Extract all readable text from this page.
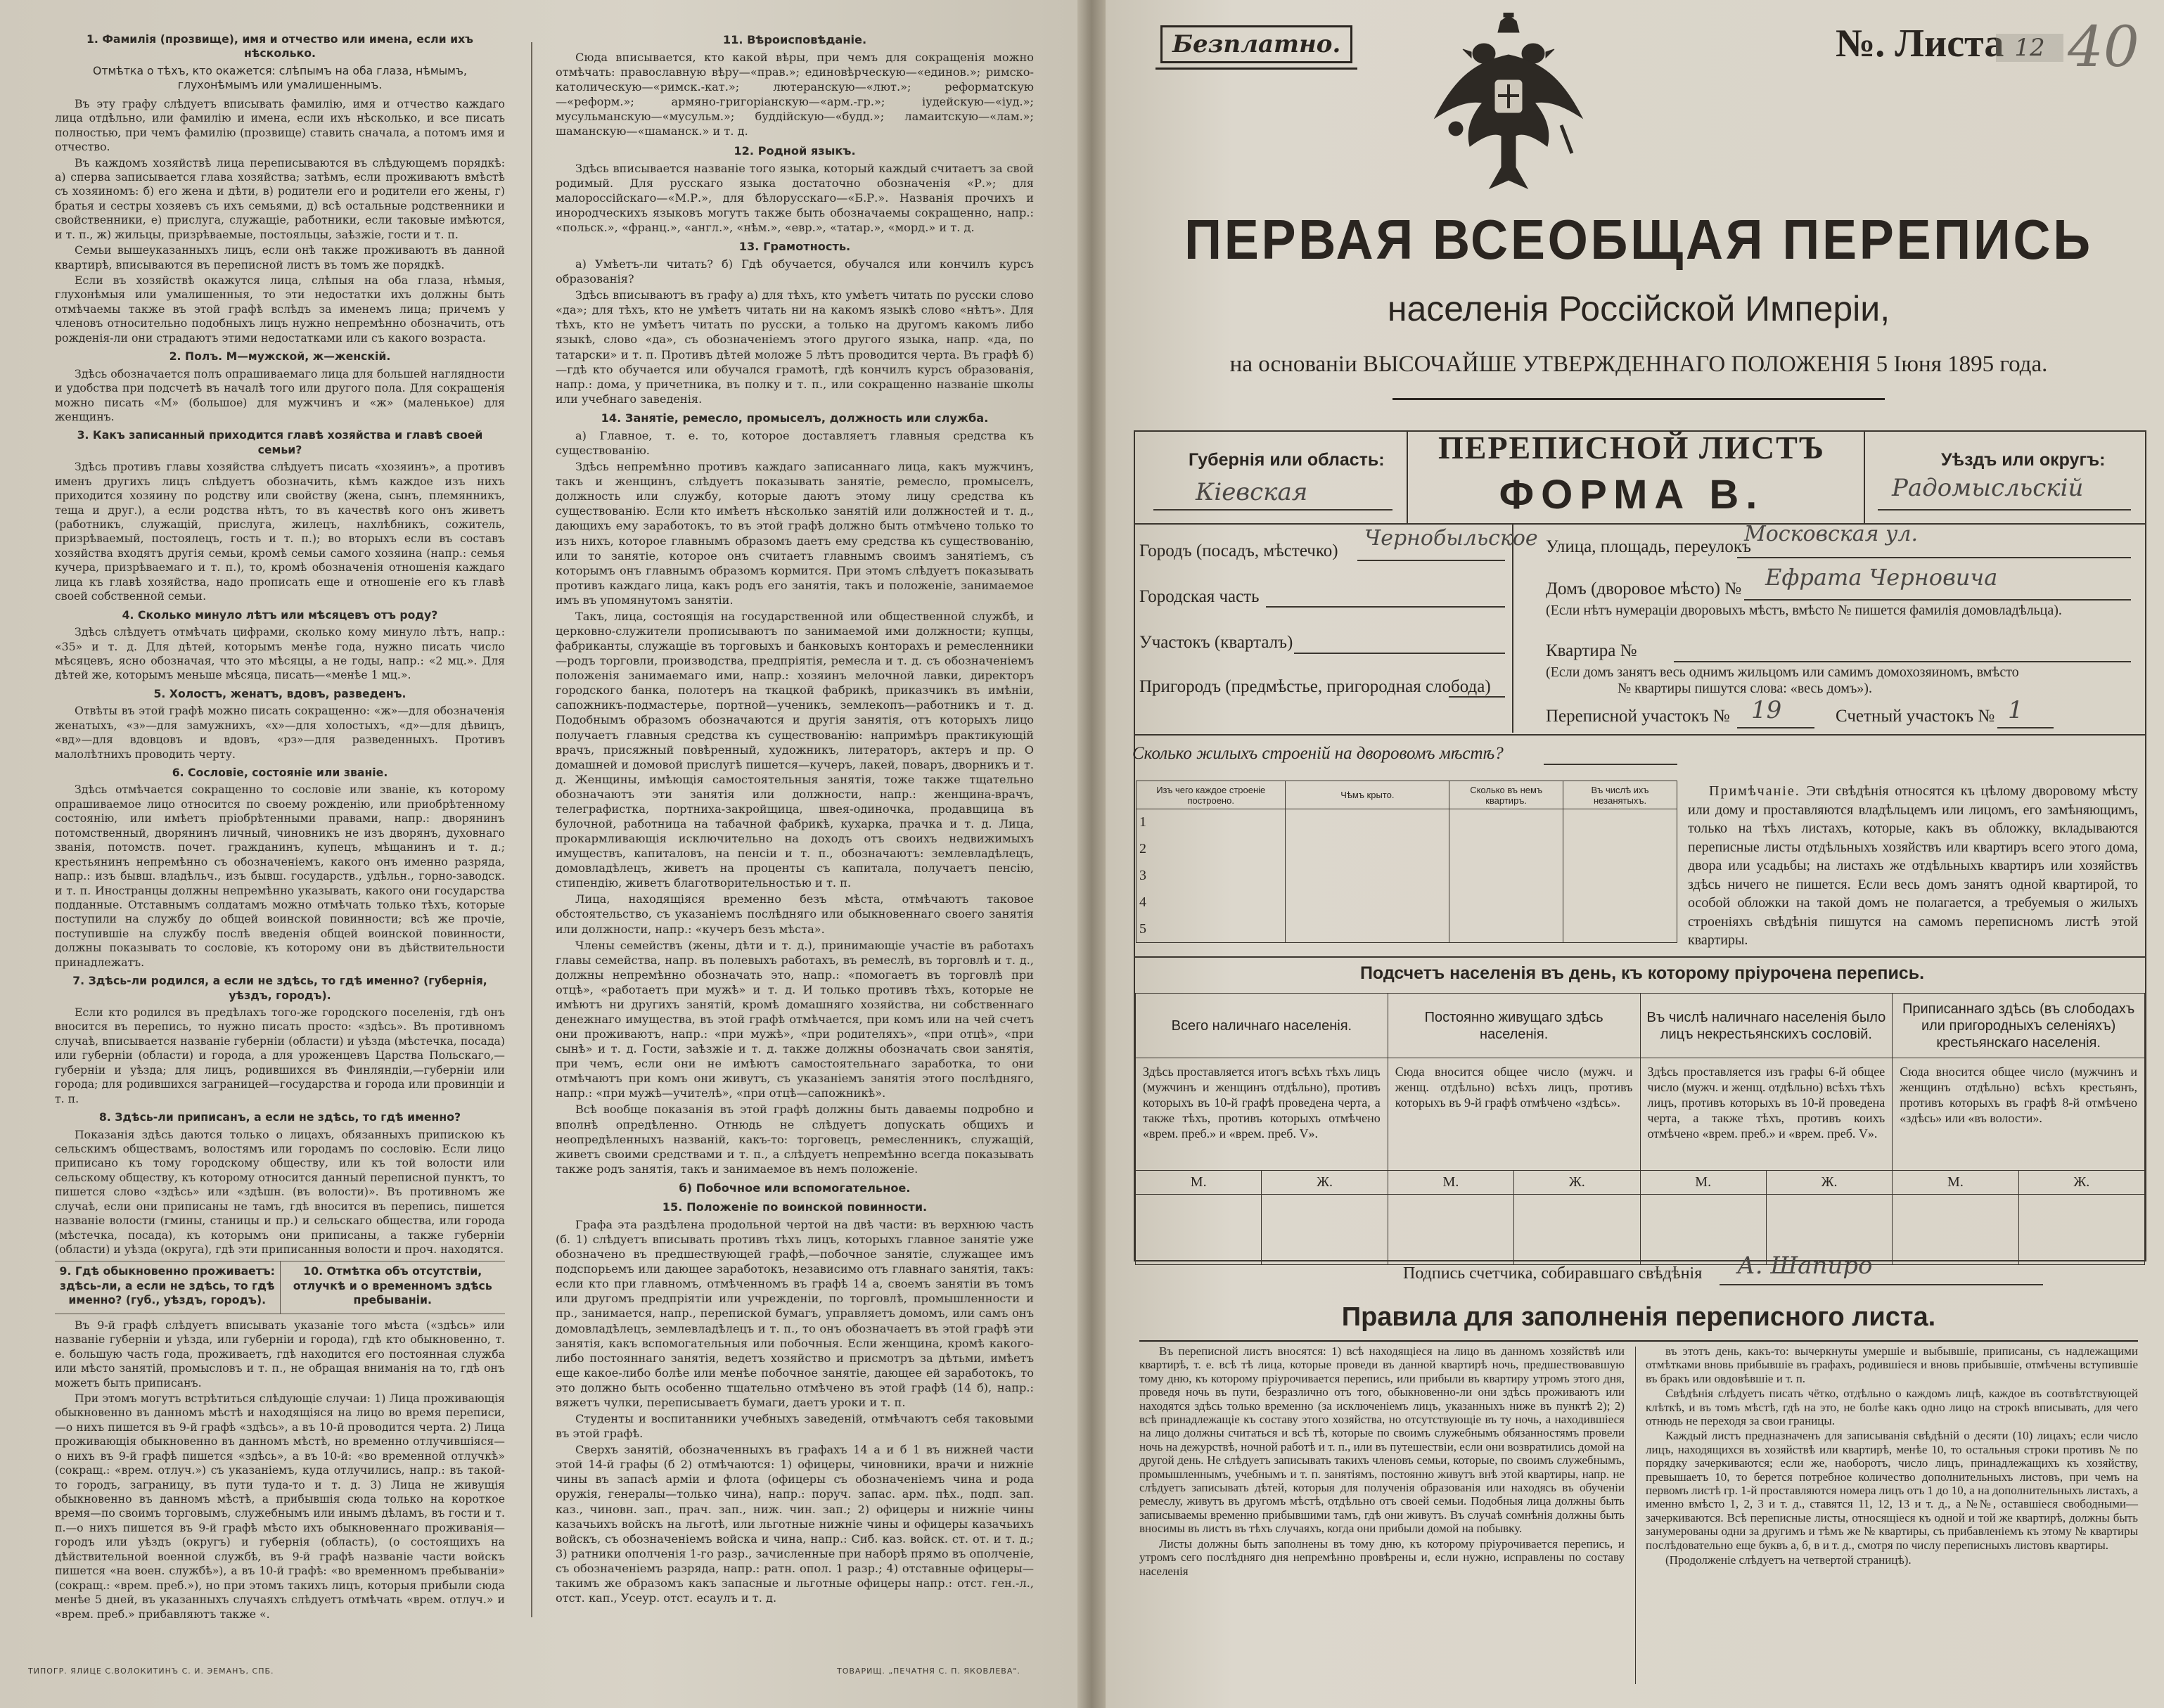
1. Фамилія (прозвище), имя и отчество или имена, если ихъ нѣсколько.
Отмѣтка о тѣхъ, кто окажется: слѣпымъ на оба глаза, нѣмымъ, глухонѣмымъ или умалишеннымъ.
Въ эту графу слѣдуетъ вписывать фамилію, имя и отчество каждаго лица отдѣльно, или фамилію и имена, если ихъ нѣсколько, и все писать полностью, при чемъ фамилію (прозвище) ставить сначала, а потомъ имя и отчество.
Въ каждомъ хозяйствѣ лица переписываются въ слѣдующемъ порядкѣ: а) сперва записывается глава хозяйства; затѣмъ, если проживаютъ вмѣстѣ съ хозяиномъ: б) его жена и дѣти, в) родители его и родители его жены, г) братья и сестры хозяевъ съ ихъ семьями, д) всѣ остальные родственники и свойственники, е) прислуга, служащіе, работники, если таковые имѣются, и т. п., ж) жильцы, призрѣваемые, постояльцы, заѣзжіе, гости и т. п.
Семьи вышеуказанныхъ лицъ, если онѣ также проживаютъ въ данной квартирѣ, вписываются въ переписной листъ въ томъ же порядкѣ.
Если въ хозяйствѣ окажутся лица, слѣпыя на оба глаза, нѣмыя, глухонѣмыя или умалишенныя, то эти недостатки ихъ должны быть отмѣчаемы также въ этой графѣ вслѣдъ за именемъ лица; причемъ у членовъ относительно подобныхъ лицъ нужно непремѣнно обозначить, отъ рожденія-ли они страдаютъ этими недостатками или съ какого возраста.
2. Полъ. М—мужской, ж—женскій.
Здѣсь обозначается полъ опрашиваемаго лица для большей наглядности и удобства при подсчетѣ въ началѣ того или другого пола. Для сокращенія можно писать «М» (большое) для мужчинъ и «ж» (маленькое) для женщинъ.
3. Какъ записанный приходится главѣ хозяйства и главѣ своей семьи?
Здѣсь противъ главы хозяйства слѣдуетъ писать «хозяинъ», а противъ именъ другихъ лицъ слѣдуетъ обозначить, кѣмъ каждое изъ нихъ приходится хозяину по родству или свойству (жена, сынъ, племянникъ, теща и друг.), а если родства нѣтъ, то въ качествѣ кого онъ живетъ (работникъ, служащій, прислуга, жилецъ, нахлѣбникъ, сожитель, призрѣваемый, постоялецъ, гость и т. п.); во вторыхъ если въ составъ хозяйства входятъ другія семьи, кромѣ семьи самого хозяина (напр.: семья кучера, призрѣваемаго и т. п.), то, кромѣ обозначенія отношенія каждаго лица къ главѣ хозяйства, надо прописать еще и отношеніе его къ главѣ своей собственной семьи.
4. Сколько минуло лѣтъ или мѣсяцевъ отъ роду?
Здѣсь слѣдуетъ отмѣчать цифрами, сколько кому минуло лѣтъ, напр.: «35» и т. д. Для дѣтей, которымъ менѣе года, нужно писать число мѣсяцевъ, ясно обозначая, что это мѣсяцы, а не годы, напр.: «2 мц.». Для дѣтей же, которымъ меньше мѣсяца, писать—«менѣе 1 мц.».
5. Холостъ, женатъ, вдовъ, разведенъ.
Отвѣты въ этой графѣ можно писать сокращенно: «ж»—для обозначенія женатыхъ, «з»—для замужнихъ, «х»—для холостыхъ, «д»—для дѣвицъ, «вд»—для вдовцовъ и вдовъ, «рз»—для разведенныхъ. Противъ малолѣтнихъ проводить черту.
6. Сословіе, состояніе или званіе.
Здѣсь отмѣчается сокращенно то сословіе или званіе, къ которому опрашиваемое лицо относится по своему рожденію, или приобрѣтенному состоянію, или имѣетъ пріобрѣтенными правами, напр.: дворянинъ потомственный, дворянинъ личный, чиновникъ не изъ дворянъ, духовнаго званія, потомств. почет. гражданинъ, купецъ, мѣщанинъ и т. д.; крестьянинъ непремѣнно съ обозначеніемъ, какого онъ именно разряда, напр.: изъ бывш. владѣльч., изъ бывш. государств., удѣльн., горно-заводск. и т. п. Иностранцы должны непремѣнно указывать, какого они государства подданные. Отставнымъ солдатамъ можно отмѣчать только тѣхъ, которые поступили на службу до общей воинской повинности; всѣ же прочіе, поступившіе на службу послѣ введенія общей воинской повинности, должны показывать то сословіе, къ которому они въ дѣйствительности принадлежатъ.
7. Здѣсь-ли родился, а если не здѣсь, то гдѣ именно? (губернія, уѣздъ, городъ).
Если кто родился въ предѣлахъ того-же городского поселенія, гдѣ онъ вносится въ перепись, то нужно писать просто: «здѣсь». Въ противномъ случаѣ, вписывается названіе губерніи (области) и уѣзда (мѣстечка, посада) или губерніи (области) и города, а для уроженцевъ Царства Польскаго,—губерніи и уѣзда; для лицъ, родившихся въ Финляндіи,—губерніи или города; для родившихся заграницей—государства и города или провинціи и т. п.
8. Здѣсь-ли приписанъ, а если не здѣсь, то гдѣ именно?
Показанія здѣсь даются только о лицахъ, обязанныхъ припискою къ сельскимъ обществамъ, волостямъ или городамъ по сословію. Если лицо приписано къ тому городскому обществу, или къ той волости или сельскому обществу, къ которому относится данный переписной пунктъ, то пишется слово «здѣсь» или «здѣшн. (въ волости)». Въ противномъ же случаѣ, если они приписаны не тамъ, гдѣ вносится въ перепись, пишется названіе волости (гмины, станицы и пр.) и сельскаго общества, или города (мѣстечка, посада), къ которымъ они приписаны, а также губерніи (области) и уѣзда (округа), гдѣ эти приписанныя волости и проч. находятся.
9. Гдѣ обыкновенно проживаетъ: здѣсь-ли, а если не здѣсь, то гдѣ именно? (губ., уѣздъ, городъ).
10. Отмѣтка объ отсутствіи, отлучкѣ и о временномъ здѣсь пребываніи.
Въ 9-й графѣ слѣдуетъ вписывать указаніе того мѣста («здѣсь» или названіе губерніи и уѣзда, или губерніи и города), гдѣ кто обыкновенно, т. е. большую часть года, проживаетъ, гдѣ находится его постоянная служба или мѣсто занятій, промысловъ и т. п., не обращая вниманія на то, гдѣ онъ можетъ быть приписанъ.
При этомъ могутъ встрѣтиться слѣдующіе случаи: 1) Лица проживающія обыкновенно въ данномъ мѣстѣ и находящіяся на лицо во время переписи,—о нихъ пишется въ 9-й графѣ «здѣсь», а въ 10-й проводится черта. 2) Лица проживающія обыкновенно въ данномъ мѣстѣ, но временно отлучившіяся—о нихъ въ 9-й графѣ пишется «здѣсь», а въ 10-й: «во временной отлучкѣ» (сокращ.: «врем. отлуч.») съ указаніемъ, куда отлучились, напр.: въ такой-то городъ, заграницу, въ пути туда-то и т. д. 3) Лица не живущія обыкновенно въ данномъ мѣстѣ, а прибывшія сюда только на короткое время—по своимъ торговымъ, служебнымъ или инымъ дѣламъ, въ гости и т. п.—о нихъ пишется въ 9-й графѣ мѣсто ихъ обыкновеннаго проживанія—городъ или уѣздъ (округъ) и губернія (область), (о состоящихъ на дѣйствительной военной службѣ, въ 9-й графѣ названіе части войскъ пишется «на воен. службѣ»), а въ 10-й графѣ: «во временномъ пребываніи» (сокращ.: «врем. преб.»), но при этомъ такихъ лицъ, которыя прибыли сюда менѣе 5 дней, въ указанныхъ случаяхъ слѣдуетъ отмѣчать «врем. отлуч.» и «врем. преб.» прибавляютъ также «.
11. Вѣроисповѣданіе.
Сюда вписывается, кто какой вѣры, при чемъ для сокращенія можно отмѣчать: православную вѣру—«прав.»; единовѣрческую—«единов.»; римско-католическую—«римск.-кат.»; лютеранскую—«лют.»; реформатскую—«реформ.»; армяно-григоріанскую—«арм.-гр.»; іудейскую—«іуд.»; мусульманскую—«мусульм.»; буддійскую—«будд.»; ламаитскую—«лам.»; шаманскую—«шаманск.» и т. д.
12. Родной языкъ.
Здѣсь вписывается названіе того языка, который каждый считаетъ за свой родимый. Для русскаго языка достаточно обозначенія «Р.»; для малороссійскаго—«М.Р.», для бѣлорусскаго—«Б.Р.». Названія прочихъ и инородческихъ языковъ могутъ также быть обозначаемы сокращенно, напр.: «польск.», «франц.», «англ.», «нѣм.», «евр.», «татар.», «морд.» и т. д.
13. Грамотность.
а) Умѣетъ-ли читать? б) Гдѣ обучается, обучался или кончилъ курсъ образованія?
Здѣсь вписываютъ въ графу а) для тѣхъ, кто умѣетъ читать по русски слово «да»; для тѣхъ, кто не умѣетъ читать ни на какомъ языкѣ слово «нѣтъ». Для тѣхъ, кто не умѣетъ читать по русски, а только на другомъ какомъ либо языкѣ, слово «да», съ обозначеніемъ этого другого языка, напр. «да, по татарски» и т. п. Противъ дѣтей моложе 5 лѣтъ проводится черта. Въ графѣ б)—гдѣ кто обучается или обучался грамотѣ, гдѣ кончилъ курсъ образованія, напр.: дома, у причетника, въ полку и т. п., или сокращенно названіе школы или учебнаго заведенія.
14. Занятіе, ремесло, промыселъ, должность или служба.
а) Главное, т. е. то, которое доставляетъ главныя средства къ существованію.
Здѣсь непремѣнно противъ каждаго записаннаго лица, какъ мужчинъ, такъ и женщинъ, слѣдуетъ показывать занятіе, ремесло, промыселъ, должность или службу, которые даютъ этому лицу средства къ существованію. Если кто имѣетъ нѣсколько занятій или должностей и т. д., дающихъ ему заработокъ, то въ этой графѣ должно быть отмѣчено только то изъ нихъ, которое главнымъ образомъ даетъ ему средства къ существованію, или то занятіе, которое онъ считаетъ главнымъ своимъ занятіемъ, съ которымъ онъ главнымъ образомъ кормится. При этомъ слѣдуетъ показывать противъ каждаго лица, какъ родъ его занятія, такъ и положеніе, занимаемое имъ въ упомянутомъ занятіи.
Такъ, лица, состоящія на государственной или общественной службѣ, и церковно-служители прописываютъ по занимаемой ими должности; купцы, фабриканты, служащіе въ торговыхъ и банковыхъ конторахъ и ремесленники—родъ торговли, производства, предпріятія, ремесла и т. д. съ обозначеніемъ положенія занимаемаго ими, напр.: хозяинъ мелочной лавки, директоръ городского банка, полотеръ на ткацкой фабрикѣ, приказчикъ въ имѣніи, сапожникъ-подмастерье, портной—ученикъ, землекопъ—работникъ и т. д. Подобнымъ образомъ обозначаются и другія занятія, отъ которыхъ лицо получаетъ главныя средства къ существованію: напримѣръ практикующій врачъ, присяжный повѣренный, художникъ, литераторъ, актеръ и пр. О домашней и домовой прислугѣ пишется—кучеръ, лакей, поваръ, дворникъ и т. д. Женщины, имѣющія самостоятельныя занятія, тоже также тщательно обозначаютъ эти занятія или должности, напр.: женщина-врачъ, телеграфистка, портниха-закройщица, швея-одиночка, продавщица въ булочной, работница на табачной фабрикѣ, кухарка, прачка и т. д. Лица, прокармливающія исключительно на доходъ отъ своихъ недвижимыхъ имуществъ, капиталовъ, на пенсіи и т. п., обозначаютъ: землевладѣлецъ, домовладѣлецъ, живетъ на проценты съ капитала, получаетъ пенсію, стипендію, живетъ благотворительностью и т. п.
Лица, находящіяся временно безъ мѣста, отмѣчаютъ таковое обстоятельство, съ указаніемъ послѣдняго или обыкновеннаго своего занятія или должности, напр.: «кучеръ безъ мѣста».
Члены семействъ (жены, дѣти и т. д.), принимающіе участіе въ работахъ главы семейства, напр. въ полевыхъ работахъ, въ ремеслѣ, въ торговлѣ и т. д., должны непремѣнно обозначать это, напр.: «помогаетъ въ торговлѣ при отцѣ», «работаетъ при мужѣ» и т. д. И только противъ тѣхъ, которые не имѣютъ ни другихъ занятій, кромѣ домашняго хозяйства, ни собственнаго денежнаго имущества, въ этой графѣ отмѣчается, при комъ или на чей счетъ они проживаютъ, напр.: «при мужѣ», «при родителяхъ», «при отцѣ», «при сынѣ» и т. д. Гости, заѣзжіе и т. д. также должны обозначать свои занятія, при чемъ, если они не имѣютъ самостоятельнаго заработка, то они отмѣчаютъ при комъ они живутъ, съ указаніемъ занятія этого послѣдняго, напр.: «при мужѣ—учителѣ», «при отцѣ—сапожникѣ».
Всѣ вообще показанія въ этой графѣ должны быть даваемы подробно и вполнѣ опредѣленно. Отнюдь не слѣдуетъ допускать общихъ и неопредѣленныхъ названій, какъ-то: торговецъ, ремесленникъ, служащій, живетъ своими средствами и т. п., а слѣдуетъ непремѣнно всегда показывать также родъ занятія, такъ и занимаемое въ немъ положеніе.
б) Побочное или вспомогательное.
15. Положеніе по воинской повинности.
Графа эта раздѣлена продольной чертой на двѣ части: въ верхнюю часть (б. 1) слѣдуетъ вписывать противъ тѣхъ лицъ, которыхъ главное занятіе уже обозначено въ предшествующей графѣ,—побочное занятіе, служащее имъ подспорьемъ или дающее заработокъ, независимо отъ главнаго занятія, такъ: если кто при главномъ, отмѣченномъ въ графѣ 14 а, своемъ занятіи въ томъ или другомъ предпріятіи или учрежденіи, по торговлѣ, промышленности и пр., занимается, напр., перепиской бумагъ, управляетъ домомъ, или самъ онъ домовладѣлецъ, землевладѣлецъ и т. п., то онъ обозначаетъ въ этой графѣ эти занятія, какъ вспомогательныя или побочныя. Если женщина, кромѣ какого-либо постояннаго занятія, ведетъ хозяйство и присмотръ за дѣтьми, имѣетъ еще какое-либо болѣе или менѣе побочное занятіе, дающее ей заработокъ, то это должно быть особенно тщательно отмѣчено въ этой графѣ (14 б), напр.: вяжетъ чулки, переписываетъ бумаги, даетъ уроки и т. п.
Студенты и воспитанники учебныхъ заведеній, отмѣчаютъ себя таковыми въ этой графѣ.
Сверхъ занятій, обозначенныхъ въ графахъ 14 а и б 1 въ нижней части этой 14-й графы (б 2) отмѣчаются: 1) офицеры, чиновники, врачи и нижніе чины въ запасѣ арміи и флота (офицеры съ обозначеніемъ чина и рода оружія, генералы—только чина), напр.: поруч. запас. арм. пѣх., подп. зап. каз., чиновн. зап., прач. зап., ниж. чин. зап.; 2) офицеры и нижніе чины казачьихъ войскъ на льготѣ, или льготные нижніе чины и офицеры казачьихъ войскъ, съ обозначеніемъ войска и чина, напр.: Сиб. каз. войск. ст. от. и т. д.; 3) ратники ополченія 1-го разр., зачисленные при наборѣ прямо въ ополченіе, съ обозначеніемъ разряда, напр.: ратн. опол. 1 разр.; 4) отставные офицеры—такимъ же образомъ какъ запасные и льготные офицеры напр.: отст. ген.-л., отст. кап., Усеур. отст. есаулъ и т. д.
ТИПОГР. ЯЛИЦЕ С.ВОЛОКИТИНЪ С. И. ЭЕМАНЪ, СПБ.	ТОВАРИЩ. „ПЕЧАТНЯ С. П. ЯКОВЛЕВА".
Безплатно.	№. Листа 12 40
ПЕРВАЯ ВСЕОБЩАЯ ПЕРЕПИСЬ
населенія Россійской Имперіи,
на основаніи ВЫСОЧАЙШЕ УТВЕРЖДЕННАГО ПОЛОЖЕНІЯ 5 Іюня 1895 года.
ПЕРЕПИСНОЙ ЛИСТЪ
ФОРМА В.
Губернія или область:
Кіевская
Уѣздъ или округъ:
Радомысльскій
Городъ (посадъ, мѣстечко)
Чернобыльское
Городская часть
Участокъ (кварталъ)
Пригородъ (предмѣстье, пригородная слобода)
Улица, площадь, переулокъ
Московская ул.
Домъ (дворовое мѣсто) № Ефрата Черновича
(Если нѣтъ нумераціи дворовыхъ мѣстъ, вмѣсто № пишется фамилія домовладѣльца).
Квартира №
(Если домъ занятъ весь однимъ жильцомъ или самимъ домохозяиномъ, вмѣсто
№ квартиры пишутся слова: «весь домъ»).
Переписной участокъ № 19	Счетный участокъ № 1
Сколько жилыхъ строеній на дворовомъ мѣстѣ?
Изъ чего каждое строеніе построено.	Чѣмъ крыто.	Сколько въ немъ квартиръ.	Въ числѣ ихъ незанятыхъ.
1			
2			
3			
4			
5			
Примѣчаніе. Эти свѣдѣнія относятся къ цѣлому дворовому мѣсту или дому и проставляются владѣльцемъ или лицомъ, его замѣняющимъ, только на тѣхъ листахъ, которые, какъ въ обложку, вкладываются переписные листы отдѣльныхъ хозяйствъ или квартиръ всего этого дома, двора или усадьбы; на листахъ же отдѣльныхъ квартиръ или хозяйствъ здѣсь ничего не пишется. Если весь домъ занятъ одной квартирой, то особой обложки на такой домъ не полагается, а требуемыя о жилыхъ строеніяхъ свѣдѣнія пишутся на самомъ переписномъ листѣ этой квартиры.
Подсчетъ населенія въ день, къ которому пріурочена перепись.
Всего наличнаго населенія.		Постоянно живущаго здѣсь населенія.		Въ числѣ наличнаго населенія было лицъ некрестьянскихъ сословій.		Приписаннаго здѣсь (въ слободахъ или пригородныхъ селеніяхъ) крестьянскаго населенія.	
Здѣсь проставляется итогъ всѣхъ тѣхъ лицъ (мужчинъ и женщинъ отдѣльно), противъ которыхъ въ 10-й графѣ проведена черта, а также тѣхъ, противъ которыхъ отмѣчено «врем. преб.» и «врем. преб. V».		Сюда вносится общее число (мужч. и женщ. отдѣльно) всѣхъ лицъ, противъ которыхъ въ 9-й графѣ отмѣчено «здѣсь».		Здѣсь проставляется изъ графы 6-й общее число (мужч. и женщ. отдѣльно) всѣхъ тѣхъ лицъ, противъ которыхъ въ 10-й проведена черта, а также тѣхъ, противъ коихъ отмѣчено «врем. преб.» и «врем. преб. V».		Сюда вносится общее число (мужчинъ и женщинъ отдѣльно) всѣхъ крестьянъ, противъ которыхъ въ графѣ 8-й отмѣчено «здѣсь» или «въ волости».	
М.	Ж.	М.	Ж.	М.	Ж.	М.	Ж.

Подпись счетчика, собиравшаго свѣдѣнія А. Шапиро
Правила для заполненія переписного листа.
Въ переписной листъ вносятся: 1) всѣ находящіеся на лицо въ данномъ хозяйствѣ или квартирѣ, т. е. всѣ тѣ лица, которые проведи въ данной квартирѣ ночь, предшествовавшую тому дню, къ которому пріурочивается перепись, или прибыли въ квартиру утромъ этого дня, проведя ночь въ пути, безразлично отъ того, обыкновенно-ли они здѣсь проживаютъ или находятся здѣсь только временно (за исключеніемъ лицъ, указанныхъ ниже въ пунктѣ 2); 2) всѣ принадлежащіе къ составу этого хозяйства, но отсутствующіе въ ту ночь, а находившіеся на лицо должны считаться и всѣ тѣ, которые по своимъ служебнымъ обязанностямъ провели ночь на дежурствѣ, ночной работѣ и т. п., или въ путешествіи, если они возвратились домой на другой день. Не слѣдуетъ записывать такихъ членовъ семьи, которые, по своимъ служебнымъ, промышленнымъ, учебнымъ и т. п. занятіямъ, постоянно живутъ внѣ этой квартиры, напр. не слѣдуетъ записывать дѣтей, которыя для полученія образованія или находясь въ обученіи ремеслу, живутъ въ другомъ мѣстѣ, отдѣльно отъ своей семьи. Подобныя лица должны быть записываемы временно прибывшими тамъ, гдѣ они живутъ. Въ случаѣ сомнѣнія должны быть вносимы въ листъ въ тѣхъ случаяхъ, когда они прибыли домой на побывку.
Листы должны быть заполнены въ тому дню, къ которому пріурочивается перепись, и утромъ сего послѣдняго дня непремѣнно провѣрены и, если нужно, исправлены по составу населенія
въ этотъ день, какъ-то: вычеркнуты умершіе и выбывшіе, приписаны, съ надлежащими отмѣтками вновь прибывшіе въ графахъ, родившіеся и вновь прибывшіе, отмѣчены вступившіе въ бракъ или овдовѣвшіе и т. п.
Свѣдѣнія слѣдуетъ писать чётко, отдѣльно о каждомъ лицѣ, каждое въ соотвѣтствующей клѣткѣ, и въ томъ мѣстѣ, гдѣ на это, не болѣе какъ одно лицо на строкѣ вписывать, для чего отнюдь не переходя за свои границы.
Каждый листъ предназначенъ для записыванія свѣдѣній о десяти (10) лицахъ; если число лицъ, находящихся въ хозяйствѣ или квартирѣ, менѣе 10, то остальныя строки противъ № по порядку зачеркиваются; если же, наоборотъ, число лицъ, принадлежащихъ къ хозяйству, превышаетъ 10, то берется потребное количество дополнительныхъ листовъ, при чемъ на первомъ листѣ гр. 1-й проставляются номера лицъ отъ 1 до 10, а на дополнительныхъ листахъ, а именно вмѣсто 1, 2, 3 и т. д., ставятся 11, 12, 13 и т. д., а №№, оставшіеся свободными—зачеркиваются. Всѣ переписные листы, относящіеся къ одной и той же квартирѣ, должны быть занумерованы одни за другимъ и тѣмъ же № квартиры, съ прибавленіемъ къ этому № квартиры послѣдовательно еще буквъ а, б, в и т. д., смотря по числу переписныхъ листовъ квартиры.
(Продолженіе слѣдуетъ на четвертой страницѣ).
